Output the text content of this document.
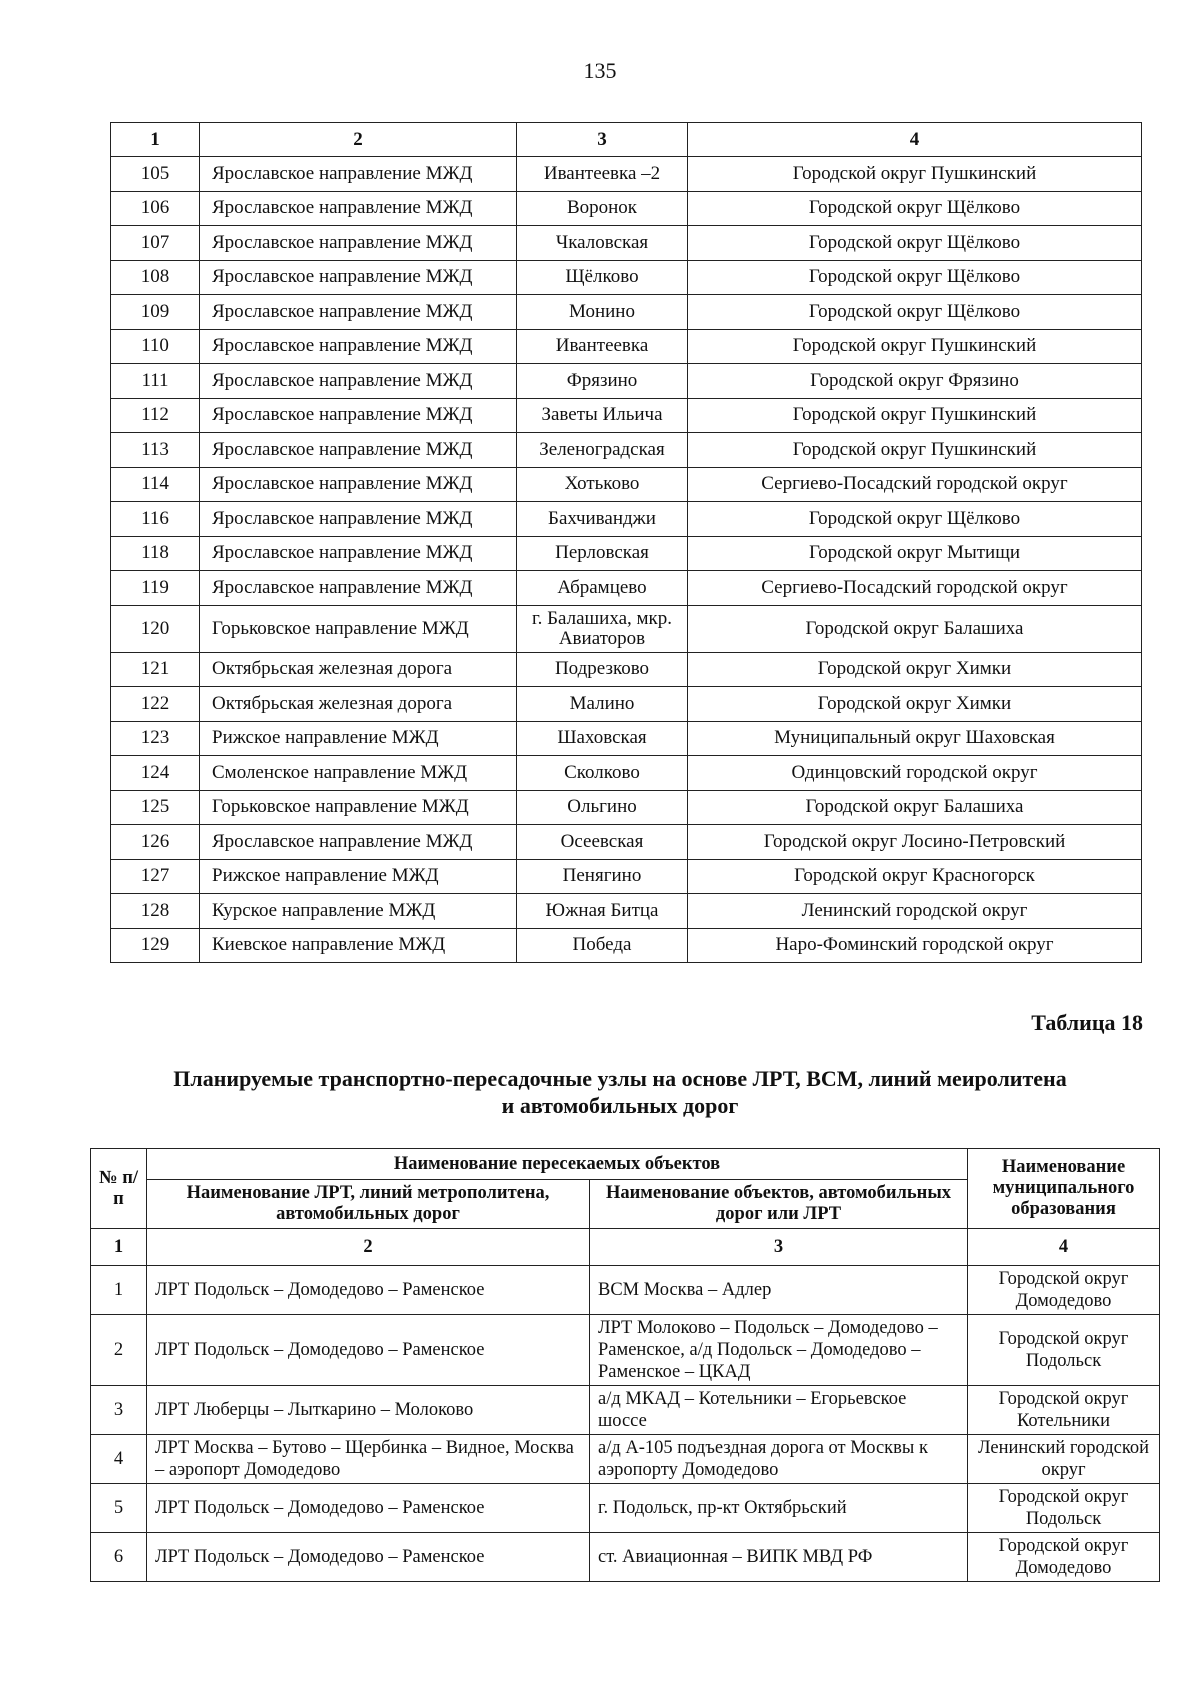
135
1	2	3	4
105	Ярославское направление МЖД	Ивантеевка –2	Городской округ Пушкинский
106	Ярославское направление МЖД	Воронок	Городской округ Щёлково
107	Ярославское направление МЖД	Чкаловская	Городской округ Щёлково
108	Ярославское направление МЖД	Щёлково	Городской округ Щёлково
109	Ярославское направление МЖД	Монино	Городской округ Щёлково
110	Ярославское направление МЖД	Ивантеевка	Городской округ Пушкинский
111	Ярославское направление МЖД	Фрязино	Городской округ Фрязино
112	Ярославское направление МЖД	Заветы Ильича	Городской округ Пушкинский
113	Ярославское направление МЖД	Зеленоградская	Городской округ Пушкинский
114	Ярославское направление МЖД	Хотьково	Сергиево-Посадский городской округ
116	Ярославское направление МЖД	Бахчиванджи	Городской округ Щёлково
118	Ярославское направление МЖД	Перловская	Городской округ Мытищи
119	Ярославское направление МЖД	Абрамцево	Сергиево-Посадский городской округ
120	Горьковское направление МЖД	г. Балашиха, мкр. Авиаторов	Городской округ Балашиха
121	Октябрьская железная дорога	Подрезково	Городской округ Химки
122	Октябрьская железная дорога	Малино	Городской округ Химки
123	Рижское направление МЖД	Шаховская	Муниципальный округ Шаховская
124	Смоленское направление МЖД	Сколково	Одинцовский городской округ
125	Горьковское направление МЖД	Ольгино	Городской округ Балашиха
126	Ярославское направление МЖД	Осеевская	Городской округ Лосино-Петровский
127	Рижское направление МЖД	Пенягино	Городской округ Красногорск
128	Курское направление МЖД	Южная Битца	Ленинский городской округ
129	Киевское направление МЖД	Победа	Наро-Фоминский городской округ
Таблица 18
Планируемые транспортно-пересадочные узлы на основе ЛРТ, ВСМ, линий меиролитена
и автомобильных дорог
№ п/п	Наименование пересекаемых объектов		Наименование муниципального образования
	Наименование ЛРТ, линий метрополитена, автомобильных дорог	Наименование объектов, автомобильных дорог или ЛРТ	
1	2	3	4
1	ЛРТ Подольск – Домодедово – Раменское	ВСМ Москва – Адлер	Городской округ Домодедово
2	ЛРТ Подольск – Домодедово – Раменское	ЛРТ Молоково – Подольск – Домодедово – Раменское, а/д Подольск – Домодедово – Раменское – ЦКАД	Городской округ Подольск
3	ЛРТ Люберцы – Лыткарино – Молоково	а/д МКАД – Котельники – Егорьевское шоссе	Городской округ Котельники
4	ЛРТ Москва – Бутово – Щербинка – Видное, Москва – аэропорт Домодедово	а/д А-105 подъездная дорога от Москвы к аэропорту Домодедово	Ленинский городской округ
5	ЛРТ Подольск – Домодедово – Раменское	г. Подольск, пр-кт Октябрьский	Городской округ Подольск
6	ЛРТ Подольск – Домодедово – Раменское	ст. Авиационная – ВИПК МВД РФ	Городской округ Домодедово
